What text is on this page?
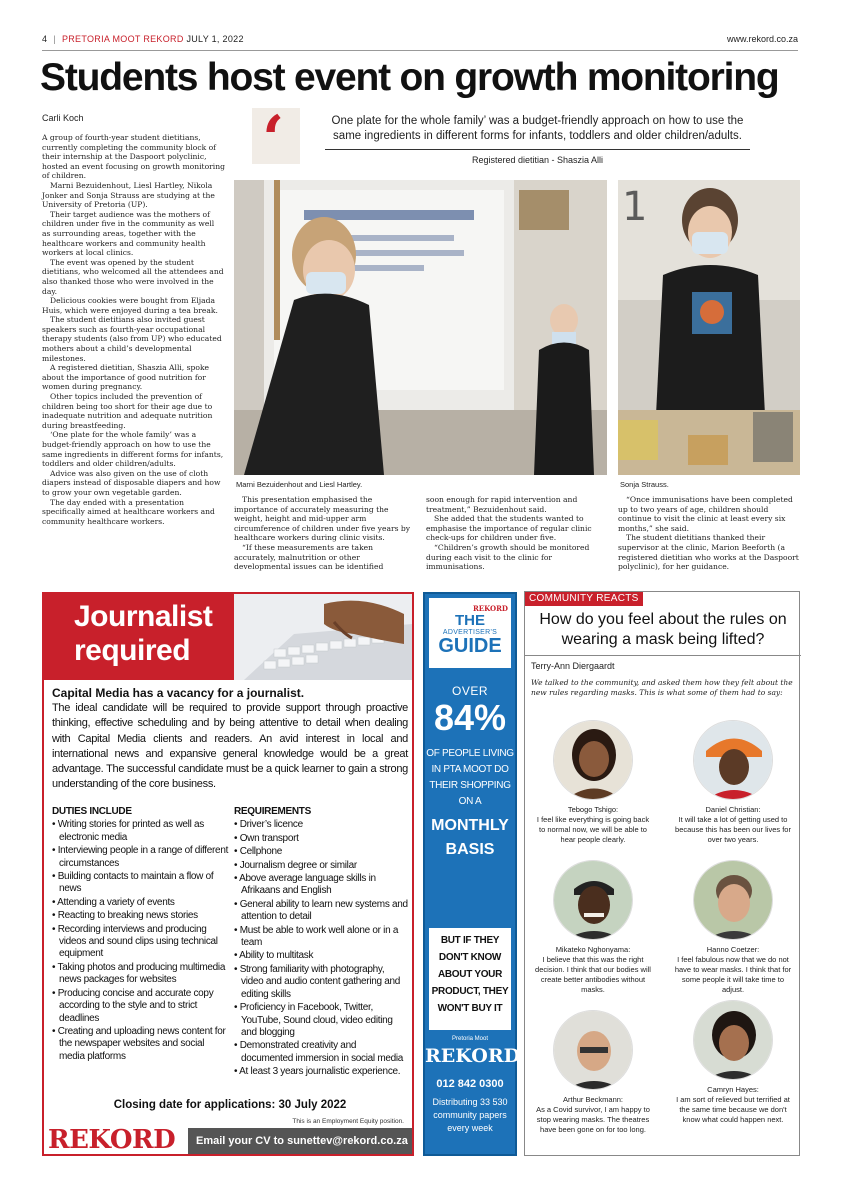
4 | PRETORIA MOOT REKORD JULY 1, 2022	www.rekord.co.za
Students host event on growth monitoring
Carli Koch	‘	One plate for the whole family’ was a budget-friendly approach on how to use the same ingredients in different forms for infants, toddlers and older children/adults.
Registered dietitian - Shaszia Alli

A group of fourth-year student dietitians, currently completing the community block of their internship at the Daspoort polyclinic, hosted an event focusing on growth monitoring of children.

Marni Bezuidenhout, Liesl Hartley, Nikola Jonker and Sonja Strauss are studying at the University of Pretoria (UP).

Their target audience was the mothers of children under five in the community as well as surrounding areas, together with the healthcare workers and community health workers at local clinics.

The event was opened by the student dietitians, who welcomed all the attendees and also thanked those who were involved in the day.

Delicious cookies were bought from Eljada Huis, which were enjoyed during a tea break.

The student dietitians also invited guest speakers such as fourth-year occupational therapy students (also from UP) who educated mothers about a child’s developmental milestones.

A registered dietitian, Shaszia Alli, spoke about the importance of good nutrition for women during pregnancy.

Other topics included the prevention of children being too short for their age due to inadequate nutrition and adequate nutrition during breastfeeding.

‘One plate for the whole family’ was a budget-friendly approach on how to use the same ingredients in different forms for infants, toddlers and older children/adults.

Advice was also given on the use of cloth diapers instead of disposable diapers and how to grow your own vegetable garden.

The day ended with a presentation specifically aimed at healthcare workers and community healthcare workers.

Marni Bezuidenhout and Liesl Hartley.
1
Sonja Strauss.

This presentation emphasised the importance of accurately measuring the weight, height and mid-upper arm circumference of children under five years by healthcare workers during clinic visits.

“If these measurements are taken accurately, malnutrition or other developmental issues can be identified

soon enough for rapid intervention and treatment,” Bezuidenhout said.

She added that the students wanted to emphasise the importance of regular clinic check-ups for children under five.

“Children’s growth should be monitored during each visit to the clinic for immunisations.

“Once immunisations have been completed up to two years of age, children should continue to visit the clinic at least every six months,” she said.

The student dietitians thanked their supervisor at the clinic, Marion Beeforth (a registered dietitian who works at the Daspoort polyclinic), for her guidance.

Journalist
required
Capital Media has a vacancy for a journalist.
The ideal candidate will be required to provide support through proactive thinking, effective scheduling and by being attentive to detail when dealing with Capital Media clients and readers. An avid interest in local and international news and expansive general knowledge would be a great advantage. The successful candidate must be a quick learner to gain a strong understanding of the core business.
DUTIES INCLUDE
• Writing stories for printed as well as electronic media
• Interviewing people in a range of different circumstances
• Building contacts to maintain a flow of news
• Attending a variety of events
• Reacting to breaking news stories
• Recording interviews and producing videos and sound clips using technical equipment
• Taking photos and producing multimedia news packages for websites
• Producing concise and accurate copy according to the style and to strict deadlines
• Creating and uploading news content for the newspaper websites and social media platforms
REQUIREMENTS
• Driver’s licence
• Own transport
• Cellphone
• Journalism degree or similar
• Above average language skills in Afrikaans and English
• General ability to learn new systems and attention to detail
• Must be able to work well alone or in a team
• Ability to multitask
• Strong familiarity with photography, video and audio content gathering and editing skills
• Proficiency in Facebook, Twitter, YouTube, Sound cloud, video editing and blogging
• Demonstrated creativity and documented immersion in social media
• At least 3 years journalistic experience.
Closing date for applications: 30 July 2022
This is an Employment Equity position.
REKORD	Email your CV to sunettev@rekord.co.za
REKORD
THE
ADVERTISER'S
GUIDE
OVER
84%
OF PEOPLE LIVING IN PTA MOOT DO THEIR SHOPPING ON A
MONTHLY BASIS
BUT IF THEY DON'T KNOW ABOUT YOUR PRODUCT, THEY WON'T BUY IT
Pretoria Moot
REKORD
012 842 0300
Distributing 33 530 community papers every week
COMMUNITY REACTS
How do you feel about the rules on wearing a mask being lifted?
Terry-Ann Diergaardt
We talked to the community, and asked them how they felt about the new rules regarding masks. This is what some of them had to say:
Tebogo Tshigo:
I feel like everything is going back to normal now, we will be able to hear people clearly.
Daniel Christian:
It will take a lot of getting used to because this has been our lives for over two years.
Mikateko Nghonyama:
I believe that this was the right decision. I think that our bodies will create better antibodies without masks.
Hanno Coetzer:
I feel fabulous now that we do not have to wear masks. I think that for some people it will take time to adjust.
Arthur Beckmann:
As a Covid survivor, I am happy to stop wearing masks. The theatres have been gone on for too long.
Camryn Hayes:
I am sort of relieved but terrified at the same time because we don't know what could happen next.
